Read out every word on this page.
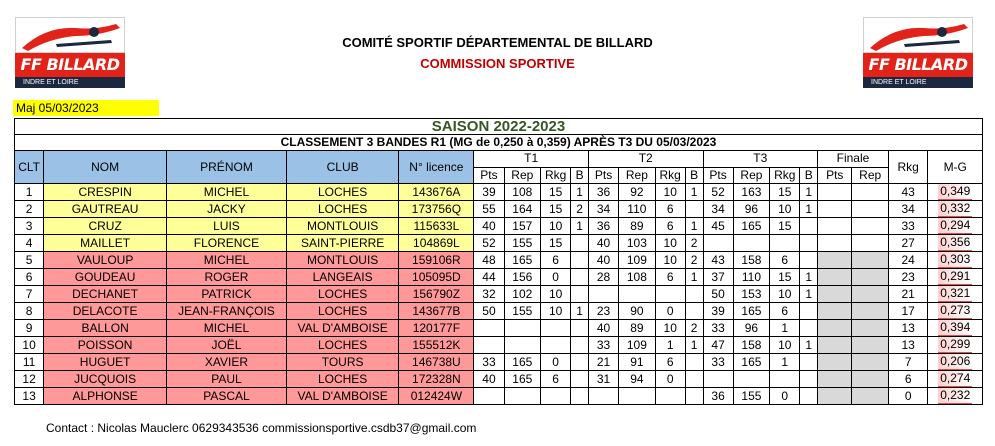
FF BILLARD
INDRE ET LOIRE
FF BILLARD
INDRE ET LOIRE
COMITÉ SPORTIF DÉPARTEMENTAL DE BILLARD
COMMISSION SPORTIVE
Maj 05/03/2023
SAISON 2022-2023																				
CLASSEMENT 3 BANDES R1 (MG de 0,250 à 0,359) APRÈS T3 DU 05/03/2023																				
CLT	NOM	PRÉNOM	CLUB	N° licence	T1				T2				T3				Finale		Rkg	M-G
					Pts	Rep	Rkg	B	Pts	Rep	Rkg	B	Pts	Rep	Rkg	B	Pts	Rep		
1	CRESPIN	MICHEL	LOCHES	143676A	39	108	15	1	36	92	10	1	52	163	15	1			43	0,349
2	GAUTREAU	JACKY	LOCHES	173756Q	55	164	15	2	34	110	6		34	96	10	1			34	0,332
3	CRUZ	LUIS	MONTLOUIS	115633L	40	157	10	1	36	89	6	1	45	165	15				33	0,294
4	MAILLET	FLORENCE	SAINT-PIERRE	104869L	52	155	15		40	103	10	2							27	0,356
5	VAULOUP	MICHEL	MONTLOUIS	159106R	48	165	6		40	109	10	2	43	158	6				24	0,303
6	GOUDEAU	ROGER	LANGEAIS	105095D	44	156	0		28	108	6	1	37	110	15	1			23	0,291
7	DECHANET	PATRICK	LOCHES	156790Z	32	102	10						50	153	10	1			21	0,321
8	DELACOTE	JEAN-FRANÇOIS	LOCHES	143677B	50	155	10	1	23	90	0		39	165	6				17	0,273
9	BALLON	MICHEL	VAL D'AMBOISE	120177F					40	89	10	2	33	96	1				13	0,394
10	POISSON	JOËL	LOCHES	155512K					33	109	1	1	47	158	10	1			13	0,299
11	HUGUET	XAVIER	TOURS	146738U	33	165	0		21	91	6		33	165	1				7	0,206
12	JUCQUOIS	PAUL	LOCHES	172328N	40	165	6		31	94	0								6	0,274
13	ALPHONSE	PASCAL	VAL D'AMBOISE	012424W									36	155	0				0	0,232
Contact : Nicolas Mauclerc 0629343536 commissionsportive.csdb37@gmail.com
